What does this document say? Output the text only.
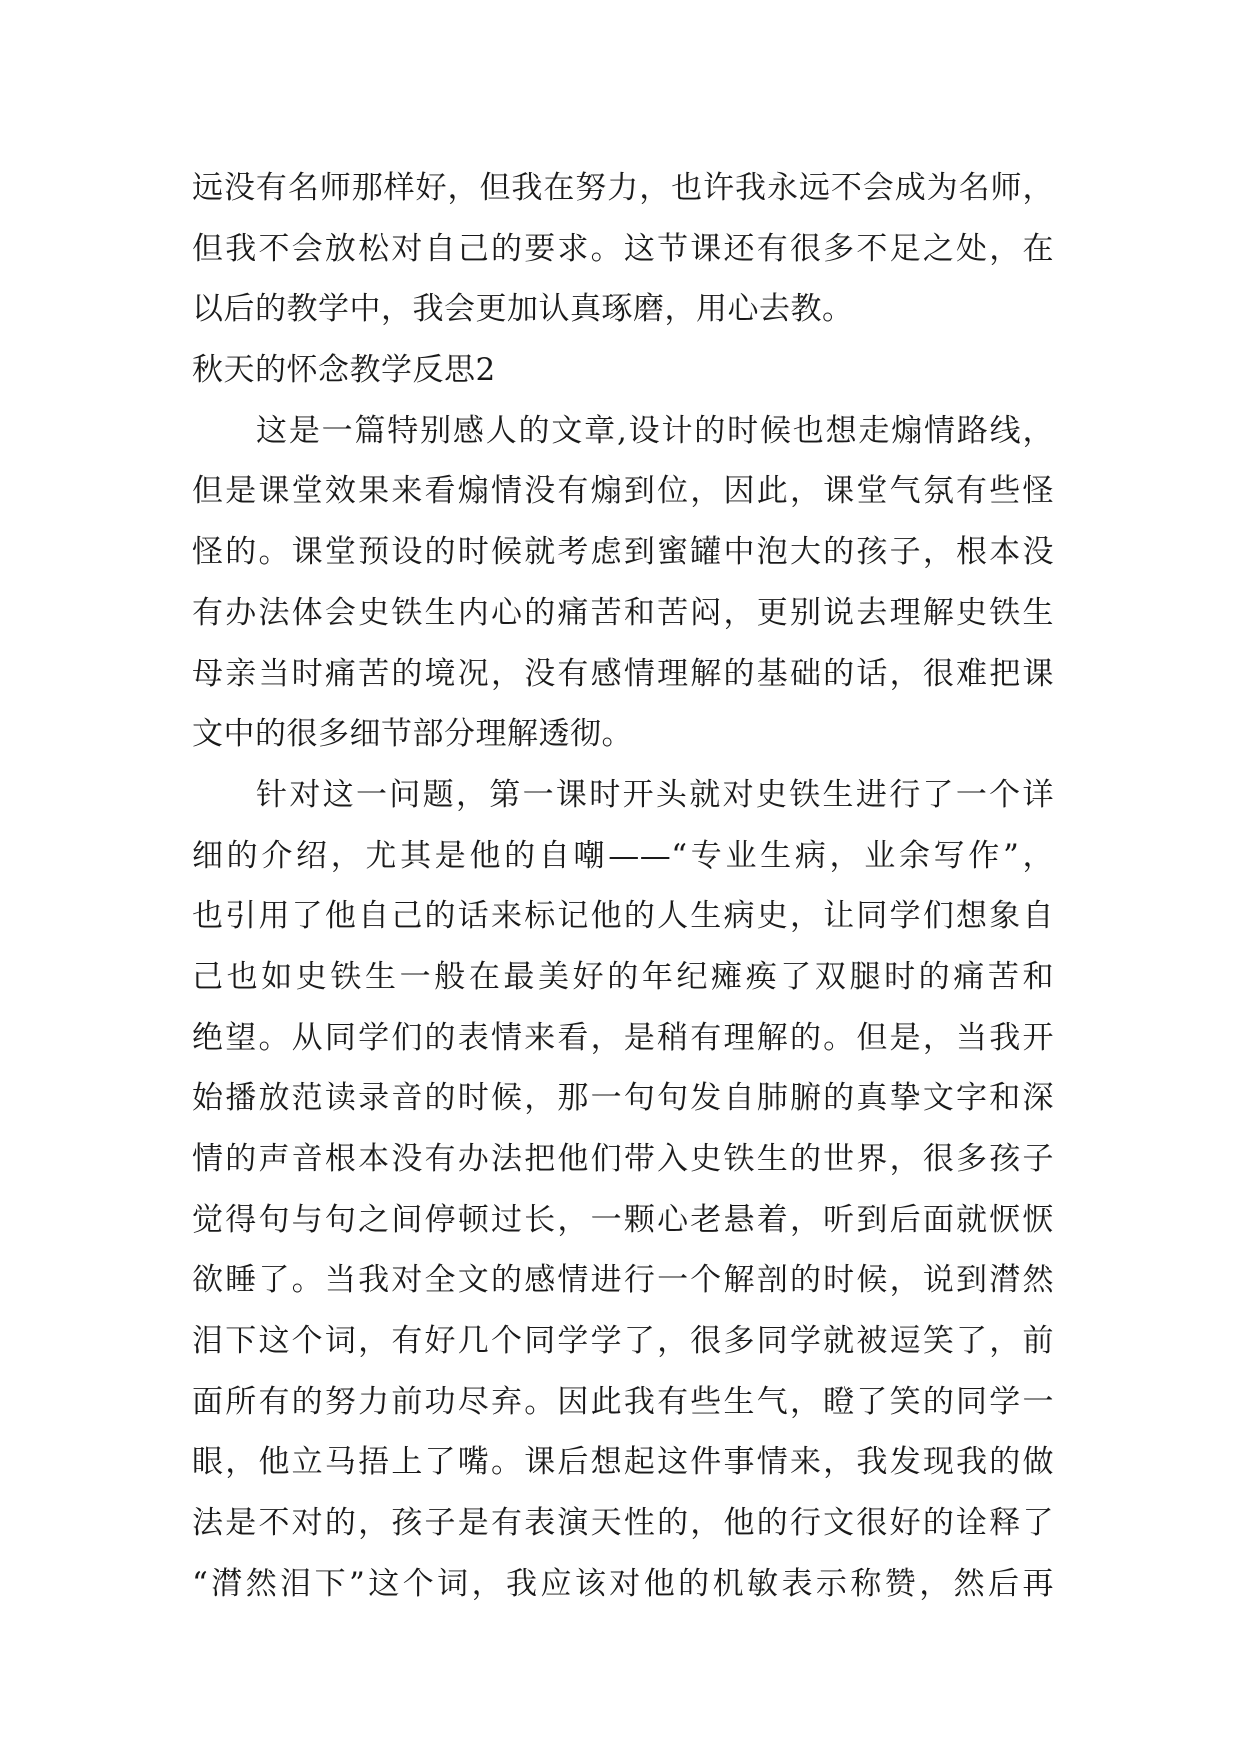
远没有名师那样好，但我在努力，也许我永远不会成为名师，
但我不会放松对自己的要求。这节课还有很多不足之处，在
以后的教学中，我会更加认真琢磨，用心去教。
秋天的怀念教学反思2
这是一篇特别感人的文章,设计的时候也想走煽情路线，
但是课堂效果来看煽情没有煽到位，因此，课堂气氛有些怪
怪的。课堂预设的时候就考虑到蜜罐中泡大的孩子，根本没
有办法体会史铁生内心的痛苦和苦闷，更别说去理解史铁生
母亲当时痛苦的境况，没有感情理解的基础的话，很难把课
文中的很多细节部分理解透彻。
针对这一问题，第一课时开头就对史铁生进行了一个详
细的介绍，尤其是他的自嘲——“专业生病，业余写作”，
也引用了他自己的话来标记他的人生病史，让同学们想象自
己也如史铁生一般在最美好的年纪瘫痪了双腿时的痛苦和
绝望。从同学们的表情来看，是稍有理解的。但是，当我开
始播放范读录音的时候，那一句句发自肺腑的真挚文字和深
情的声音根本没有办法把他们带入史铁生的世界，很多孩子
觉得句与句之间停顿过长，一颗心老悬着，听到后面就恹恹
欲睡了。当我对全文的感情进行一个解剖的时候，说到潸然
泪下这个词，有好几个同学学了，很多同学就被逗笑了，前
面所有的努力前功尽弃。因此我有些生气，瞪了笑的同学一
眼，他立马捂上了嘴。课后想起这件事情来，我发现我的做
法是不对的，孩子是有表演天性的，他的行文很好的诠释了
“潸然泪下”这个词，我应该对他的机敏表示称赞，然后再
